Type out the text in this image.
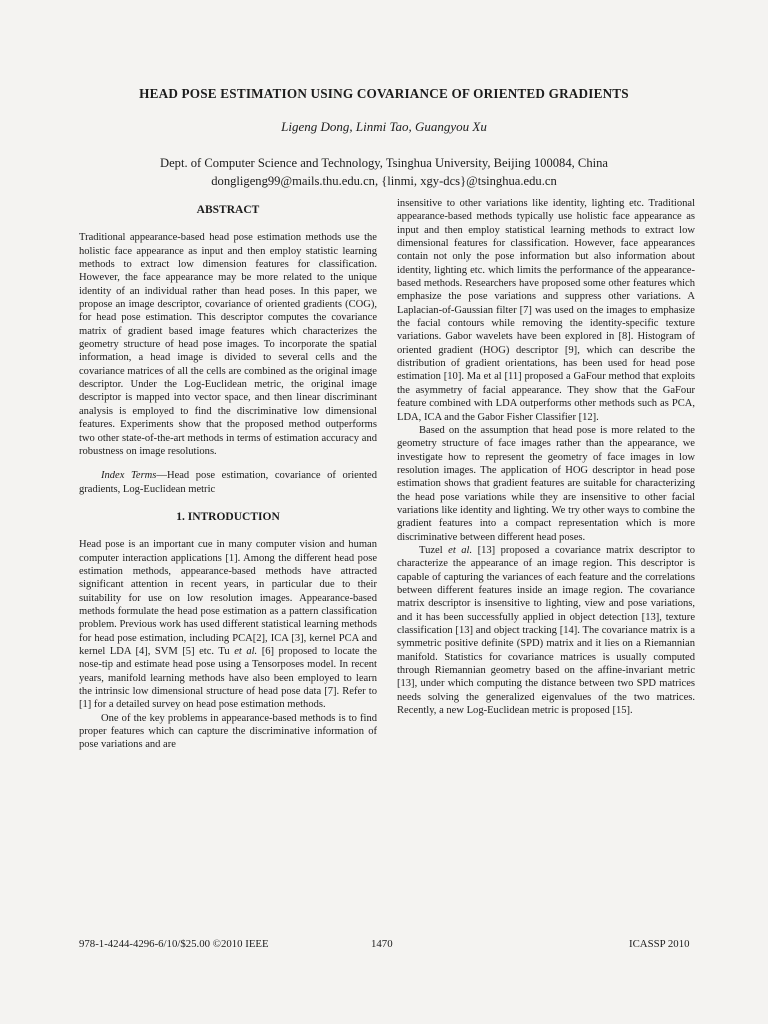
HEAD POSE ESTIMATION USING COVARIANCE OF ORIENTED GRADIENTS
Ligeng Dong, Linmi Tao, Guangyou Xu
Dept. of Computer Science and Technology, Tsinghua University, Beijing 100084, China
dongligeng99@mails.thu.edu.cn, {linmi, xgy-dcs}@tsinghua.edu.cn
ABSTRACT

Traditional appearance-based head pose estimation methods use the holistic face appearance as input and then employ statistic learning methods to extract low dimension features for classification. However, the face appearance may be more related to the unique identity of an individual rather than head poses. In this paper, we propose an image descriptor, covariance of oriented gradients (COG), for head pose estimation. This descriptor computes the covariance matrix of gradient based image features which characterizes the geometry structure of head pose images. To incorporate the spatial information, a head image is divided to several cells and the covariance matrices of all the cells are combined as the original image descriptor. Under the Log-Euclidean metric, the original image descriptor is mapped into vector space, and then linear discriminant analysis is employed to find the discriminative low dimensional features. Experiments show that the proposed method outperforms two other state-of-the-art methods in terms of estimation accuracy and robustness on image resolutions.

Index Terms—Head pose estimation, covariance of oriented gradients, Log-Euclidean metric

1. INTRODUCTION

Head pose is an important cue in many computer vision and human computer interaction applications [1]. Among the different head pose estimation methods, appearance-based methods have attracted significant attention in recent years, in particular due to their suitability for use on low resolution images. Appearance-based methods formulate the head pose estimation as a pattern classification problem. Previous work has used different statistical learning methods for head pose estimation, including PCA[2], ICA [3], kernel PCA and kernel LDA [4], SVM [5] etc. Tu et al. [6] proposed to locate the nose-tip and estimate head pose using a Tensorposes model. In recent years, manifold learning methods have also been employed to learn the intrinsic low dimensional structure of head pose data [7]. Refer to [1] for a detailed survey on head pose estimation methods.

One of the key problems in appearance-based methods is to find proper features which can capture the discriminative information of pose variations and are

insensitive to other variations like identity, lighting etc. Traditional appearance-based methods typically use holistic face appearance as input and then employ statistical learning methods to extract low dimensional features for classification. However, face appearances contain not only the pose information but also information about identity, lighting etc. which limits the performance of the appearance-based methods. Researchers have proposed some other features which emphasize the pose variations and suppress other variations. A Laplacian-of-Gaussian filter [7] was used on the images to emphasize the facial contours while removing the identity-specific texture variations. Gabor wavelets have been explored in [8]. Histogram of oriented gradient (HOG) descriptor [9], which can describe the distribution of gradient orientations, has been used for head pose estimation [10]. Ma et al [11] proposed a GaFour method that exploits the asymmetry of facial appearance. They show that the GaFour feature combined with LDA outperforms other methods such as PCA, LDA, ICA and the Gabor Fisher Classifier [12].

Based on the assumption that head pose is more related to the geometry structure of face images rather than the appearance, we investigate how to represent the geometry of face images in low resolution images. The application of HOG descriptor in head pose estimation shows that gradient features are suitable for characterizing the head pose variations while they are insensitive to other facial variations like identity and lighting. We try other ways to combine the gradient features into a compact representation which is more discriminative between different head poses.

Tuzel et al. [13] proposed a covariance matrix descriptor to characterize the appearance of an image region. This descriptor is capable of capturing the variances of each feature and the correlations between different features inside an image region. The covariance matrix descriptor is insensitive to lighting, view and pose variations, and it has been successfully applied in object detection [13], texture classification [13] and object tracking [14]. The covariance matrix is a symmetric positive definite (SPD) matrix and it lies on a Riemannian manifold. Statistics for covariance matrices is usually computed through Riemannian geometry based on the affine-invariant metric [13], under which computing the distance between two SPD matrices needs solving the generalized eigenvalues of the two matrices. Recently, a new Log-Euclidean metric is proposed [15].

978-1-4244-4296-6/10/$25.00 ©2010 IEEE	1470	ICASSP 2010
